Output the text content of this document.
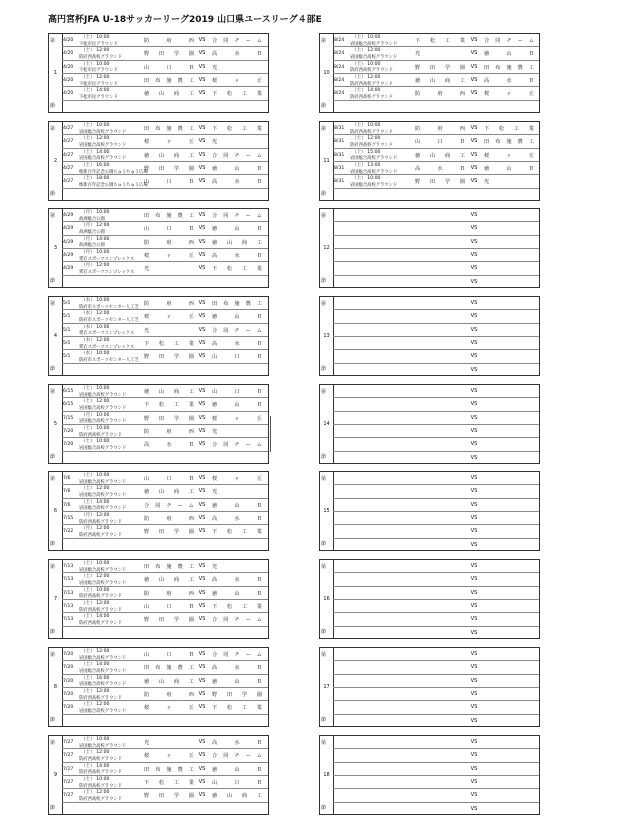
高円宮杯JFA U-18サッカーリーグ2019 山口県ユースリーグ４部E
第
1
節
4/20
（土） 10:00
下松市民グラウンド	防府西 VS	合同チーム
4/20
（土） 12:00
防府西高校グラウンド	野田学園 VS	高水Ｂ
4/20
（土） 10:00
下松市民グラウンド	山口Ｂ VS	光
4/20
（土） 12:00
下松市民グラウンド	田布施農工 VS	桜ヶ丘
4/20
（土） 14:00
下松市民グラウンド	徳山商工 VS	下松工業
第
2
節
4/27
（土） 10:00
岩国総合高校グラウンド	田布施農工 VS	下松工業
4/27
（土） 12:00
岩国総合高校グラウンド	桜ヶ丘 VS	光
4/27
（土） 14:00
岩国総合高校グラウンド	徳山商工 VS	合同チーム
4/27
（土） 16:00
维新百年記念公園ちゅうちゅう広場
野田学園 VS	徳山Ｂ
4/27
（土） 18:00
维新百年記念公園ちゅうちゅう広場
山口Ｂ VS	高水Ｂ
第
3
節
4/29
（月） 10:00
故洲総合公園	田布施農工 VS	合同チーム
4/29
（月） 12:00
故洲総合公園	山口Ｂ VS	徳山Ｂ
4/29
（月） 14:00
故洲総合公園	防府西 VS	徳山商工
4/29
（月） 10:00
愛宕スポーツコンプレックス 桜ヶ丘 VS	高水Ｂ
4/29
（月） 12:00
愛宕スポーツコンプレックス 光	VS	下松工業
第
4
節
5/1
（水） 10:00
防府市スポーツセンター人工芝 防府西 VS	田布施農工
5/1
（水） 12:00
防府市スポーツセンター人工芝 桜ヶ丘 VS	徳山Ｂ
5/1
（水） 10:00
愛宕スポーツコンプレックス 光	VS	合同チーム
5/1
（水） 12:00
愛宕スポーツコンプレックス 下松工業 VS	高水Ｂ
5/1
（水） 10:00
防府市スポーツセンター人工芝 野田学園 VS	山口Ｂ
第
5
節
6/15
（土） 10:00
岩国総合高校グラウンド	徳山商工 VS	山口Ｂ
6/15
（土） 12:00
岩国総合高校グラウンド	下松工業 VS	徳山Ｂ
7/15
（月） 10:00
岩国総合高校グラウンド	野田学園 VS	桜ヶ丘
7/20
（土） 10:00
防府西高校グラウンド	防府西 VS	光
7/20
（土） 10:00
岩国総合高校グラウンド	高水Ｂ VS	合同チーム
第
6
節
7/6
（土） 10:00
岩国総合高校グラウンド	山口Ｂ VS	桜ヶ丘
7/6
（土） 12:00
岩国総合高校グラウンド	徳山商工 VS	光
7/6
（土） 14:00
岩国総合高校グラウンド	合同チーム VS	徳山Ｂ
7/15
（月） 12:00
防府西高校グラウンド	防府西 VS	高水Ｂ
7/22
（月） 12:00
防府西高校グラウンド	野田学園 VS	下松工業
第
7
節
7/13
（土） 10:00
岩国総合高校グラウンド	田布施農工 VS	光
7/13
（土） 12:00
岩国総合高校グラウンド	徳山商工 VS	高水Ｂ
7/13
（土） 10:00
防府西高校グラウンド	防府西 VS	徳山Ｂ
7/13
（土） 12:00
防府西高校グラウンド	山口Ｂ VS	下松工業
7/13
（土） 14:00
防府西高校グラウンド	野田学園 VS	合同チーム
第
8
節
7/20
（土） 12:00
岩国総合高校グラウンド	山口Ｂ VS	合同チーム
7/20
（土） 14:00
岩国総合高校グラウンド	田布施農工 VS	高水Ｂ
7/20
（土） 16:00
岩国総合高校グラウンド	徳山商工 VS	徳山Ｂ
7/20
（土） 12:00
防府西高校グラウンド	防府西 VS	野田学園
7/20
（土） 12:00
岩国総合高校グラウンド	桜ヶ丘 VS	下松工業
第
9
節
7/27
（土） 10:00
岩国総合高校グラウンド	光	VS	高水Ｂ
7/27
（土） 12:00
防府西高校グラウンド	桜ヶ丘 VS	合同チーム
7/27
（土） 14:00
防府西高校グラウンド	田布施農工 VS	徳山Ｂ
7/27
（土） 10:00
防府西高校グラウンド	下松工業 VS	山口Ｂ
7/27
（土） 12:00
防府西高校グラウンド	野田学園 VS	徳山商工
第
10
節
8/24
（土） 10:00
岩国総合高校グラウンド	下松工業	VS	合同チーム
8/24
（土） 12:00
岩国総合高校グラウンド	光	VS	徳山Ｂ
8/24
（土） 10:00
防府西高校グラウンド	野田学園	VS	田布施農工
8/24
（土） 12:00
防府西高校グラウンド	徳山商工	VS	高水Ｂ
8/24
（土） 14:00
防府西高校グラウンド	防府西	VS	桜ヶ丘
第
11
節
8/31
（土） 10:00
防府西高校グラウンド	防府西	VS	下松工業
8/31
（土） 12:00
防府西高校グラウンド	山口Ｂ	VS	田布施農工
8/31
（土） 15:00
岩国総合高校グラウンド	徳山商工	VS	桜ヶ丘
8/31
（土） 13:00
岩国総合高校グラウンド	高水Ｂ	VS	徳山Ｂ
8/31
（土） 10:00
岩国総合高校グラウンド	野田学園	VS	光
第
12
節
VS
VS
VS
VS
VS
VS
第
13
節
VS
VS
VS
VS
VS
VS
第
14
節
VS
VS
VS
VS
VS
VS
第
15
節
VS
VS
VS
VS
VS
VS
第
16
節
VS
VS
VS
VS
VS
VS
第
17
節
VS
VS
VS
VS
VS
VS
第
18
節
VS
VS
VS
VS
VS
VS
